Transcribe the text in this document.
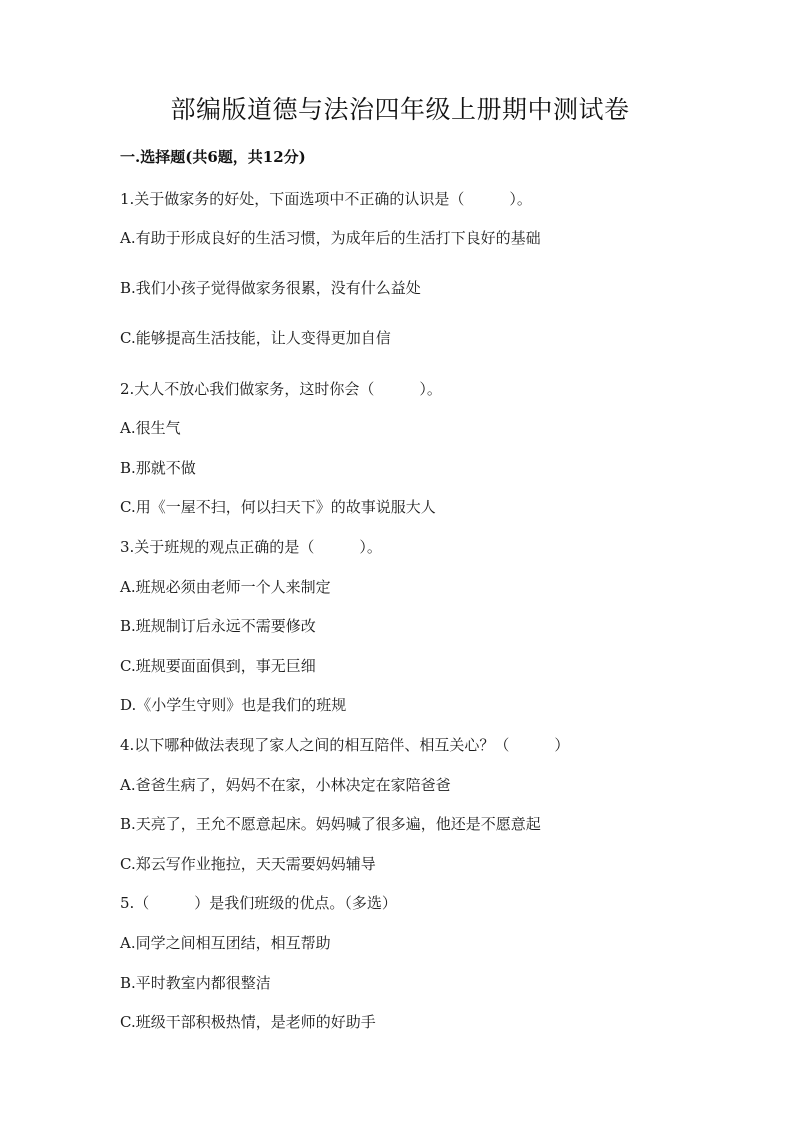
部编版道德与法治四年级上册期中测试卷
一.选择题(共6题，共12分)
1.关于做家务的好处，下面选项中不正确的认识是（　　　）。
A.有助于形成良好的生活习惯，为成年后的生活打下良好的基础
B.我们小孩子觉得做家务很累，没有什么益处
C.能够提高生活技能，让人变得更加自信
2.大人不放心我们做家务，这时你会（　　　）。
A.很生气
B.那就不做
C.用《一屋不扫，何以扫天下》的故事说服大人
3.关于班规的观点正确的是（　　　）。
A.班规必须由老师一个人来制定
B.班规制订后永远不需要修改
C.班规要面面俱到，事无巨细
D.《小学生守则》也是我们的班规
4.以下哪种做法表现了家人之间的相互陪伴、相互关心？（　　　）
A.爸爸生病了，妈妈不在家，小林决定在家陪爸爸
B.天亮了，王允不愿意起床。妈妈喊了很多遍，他还是不愿意起
C.郑云写作业拖拉，天天需要妈妈辅导
5.（　　　）是我们班级的优点。（多选）
A.同学之间相互团结，相互帮助
B.平时教室内都很整洁
C.班级干部积极热情，是老师的好助手
